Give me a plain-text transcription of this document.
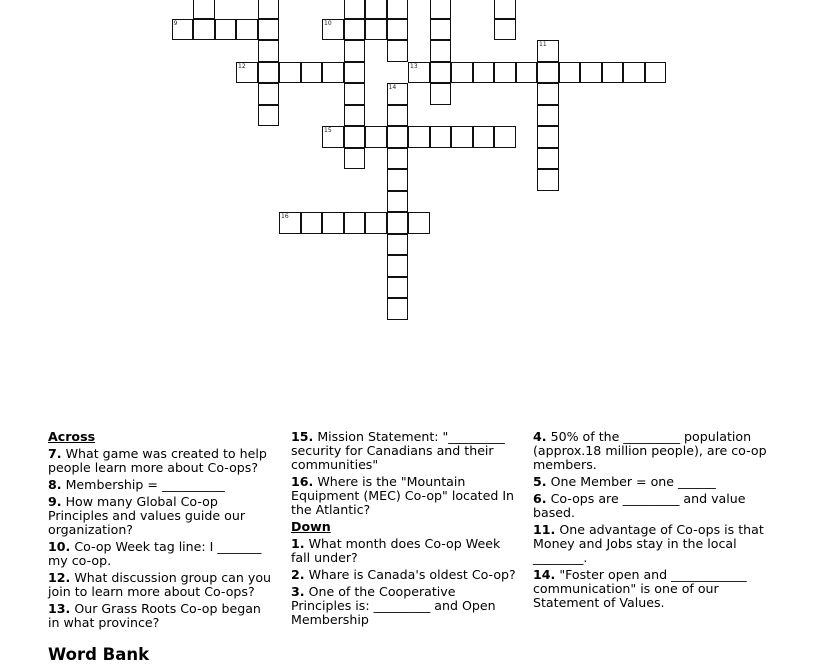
9	10
11
12	13
14
15
16
Across
7. What game was created to help people learn more about Co-ops?
8. Membership = __________
9. How many Global Co-op Principles and values guide our organization?
10. Co-op Week tag line: I _______ my co-op.
12. What discussion group can you join to learn more about Co-ops?
13. Our Grass Roots Co-op began in what province?
15. Mission Statement: "_________ security for Canadians and their communities"
16. Where is the "Mountain Equipment (MEC) Co-op" located In the Atlantic?
Down
1. What month does Co-op Week fall under?
2. Whare is Canada's oldest Co-op?
3. One of the Cooperative Principles is: _________ and Open Membership
4. 50% of the _________ population (approx.18 million people), are co-op members.
5. One Member = one ______
6. Co-ops are _________ and value based.
11. One advantage of Co-ops is that Money and Jobs stay in the local ________.
14. "Foster open and ____________ communication" is one of our Statement of Values.
Word Bank
